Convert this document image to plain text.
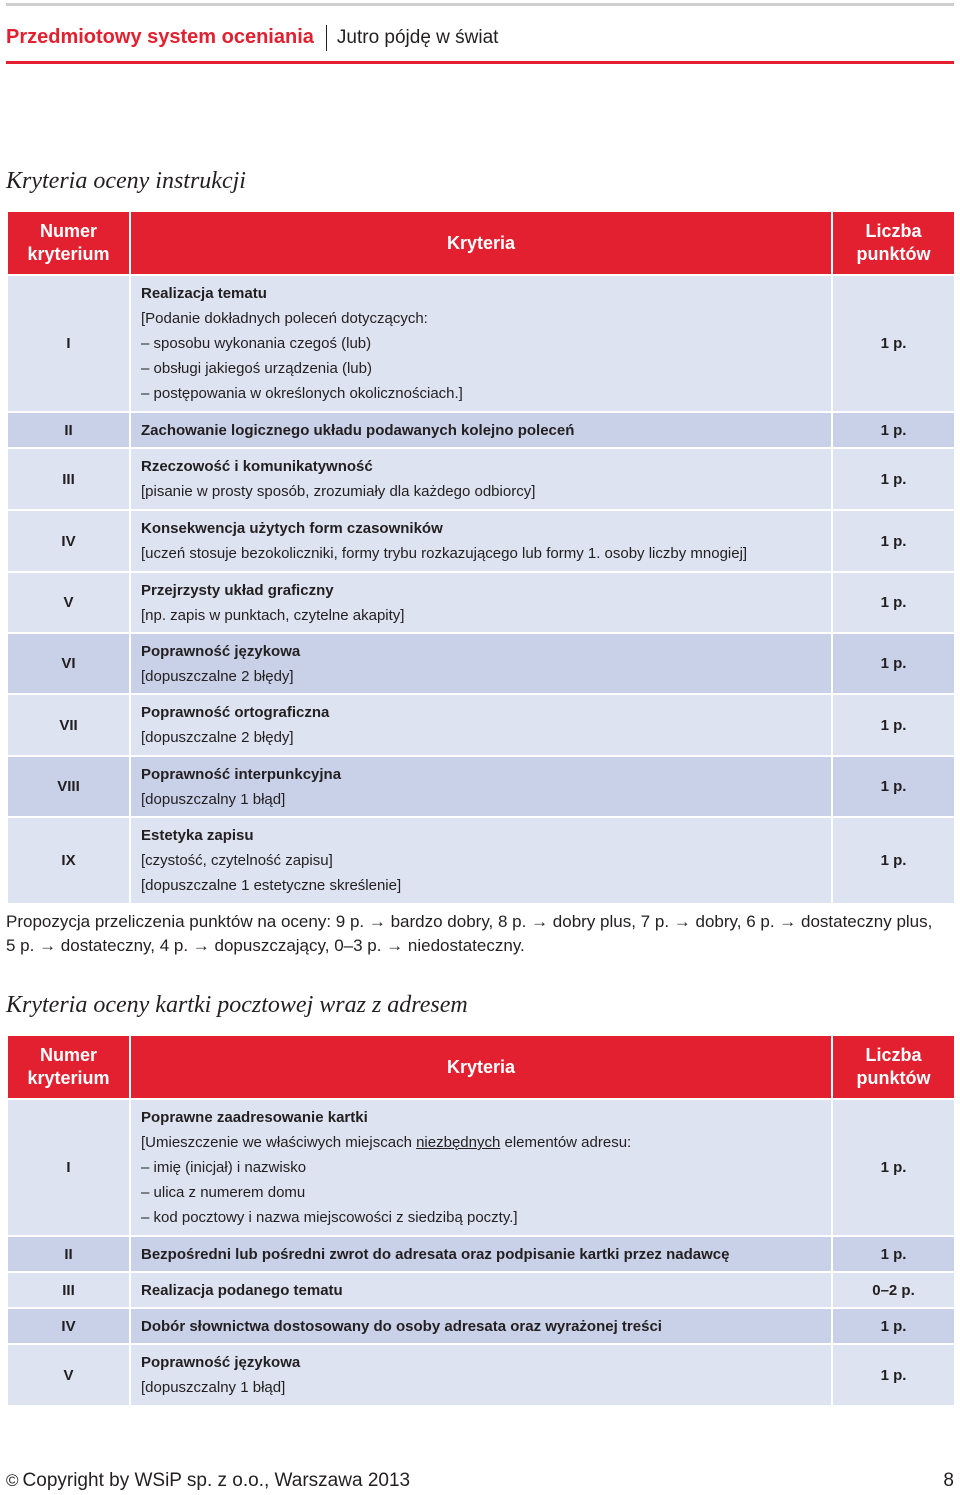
Przedmiotowy system oceniania Jutro pójdę w świat
Kryteria oceny instrukcji
Numer kryterium	Kryteria	Liczba punktów
I	Realizacja tematu
[Podanie dokładnych poleceń dotyczących:
– sposobu wykonania czegoś (lub)
– obsługi jakiegoś urządzenia (lub)
– postępowania w określonych okolicznościach.]	1 p.
II	Zachowanie logicznego układu podawanych kolejno poleceń	1 p.
III	Rzeczowość i komunikatywność
[pisanie w prosty sposób, zrozumiały dla każdego odbiorcy]	1 p.
IV	Konsekwencja użytych form czasowników
[uczeń stosuje bezokoliczniki, formy trybu rozkazującego lub formy 1. osoby liczby mnogiej]	1 p.
V	Przejrzysty układ graficzny
[np. zapis w punktach, czytelne akapity]	1 p.
VI	Poprawność językowa
[dopuszczalne 2 błędy]	1 p.
VII	Poprawność ortograficzna
[dopuszczalne 2 błędy]	1 p.
VIII	Poprawność interpunkcyjna
[dopuszczalny 1 błąd]	1 p.
IX	Estetyka zapisu
[czystość, czytelność zapisu]
[dopuszczalne 1 estetyczne skreślenie]	1 p.
Propozycja przeliczenia punktów na oceny: 9 p. → bardzo dobry, 8 p. → dobry plus, 7 p. → dobry, 6 p. → dostateczny plus,
5 p. → dostateczny, 4 p. → dopuszczający, 0–3 p. → niedostateczny.
Kryteria oceny kartki pocztowej wraz z adresem
Numer kryterium	Kryteria	Liczba punktów
I	Poprawne zaadresowanie kartki
[Umieszczenie we właściwych miejscach niezbędnych elementów adresu:
– imię (inicjał) i nazwisko
– ulica z numerem domu
– kod pocztowy i nazwa miejscowości z siedzibą poczty.]	1 p.
II	Bezpośredni lub pośredni zwrot do adresata oraz podpisanie kartki przez nadawcę	1 p.
III	Realizacja podanego tematu	0–2 p.
IV	Dobór słownictwa dostosowany do osoby adresata oraz wyrażonej treści	1 p.
V	Poprawność językowa
[dopuszczalny 1 błąd]	1 p.
© Copyright by WSiP sp. z o.o., Warszawa 2013	8
